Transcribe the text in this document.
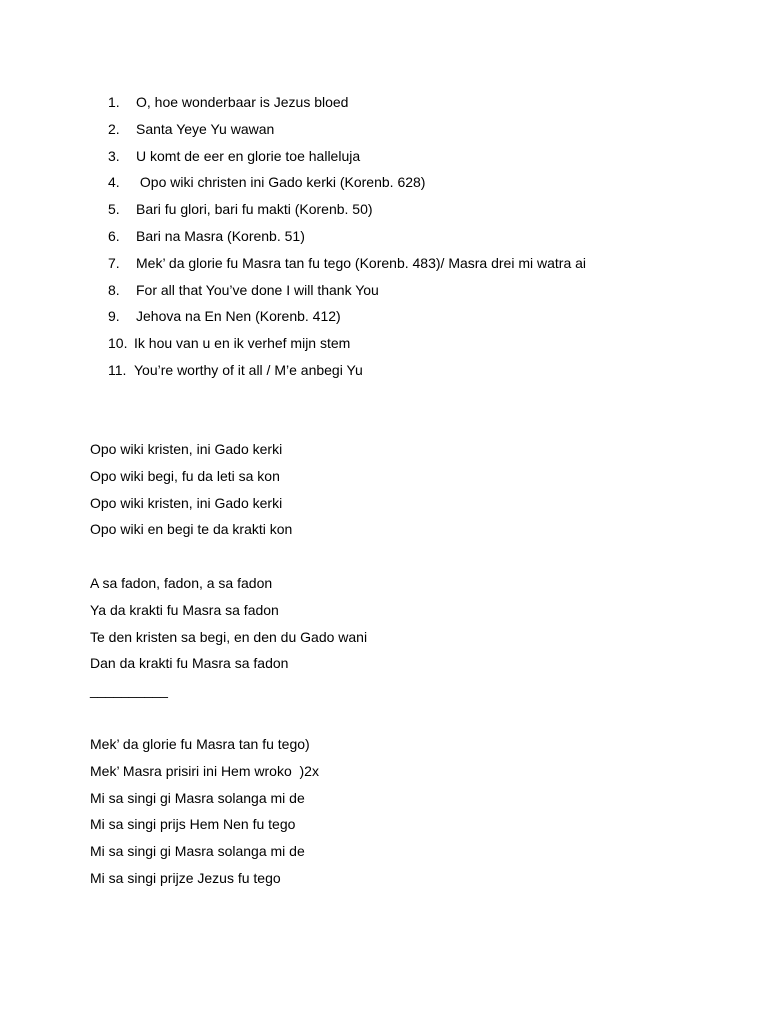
1.	O, hoe wonderbaar is Jezus bloed
2.	Santa Yeye Yu wawan
3.	U komt de eer en glorie toe halleluja
4.	Opo wiki christen ini Gado kerki (Korenb. 628)
5.	Bari fu glori, bari fu makti (Korenb. 50)
6.	Bari na Masra (Korenb. 51)
7.	Mek’ da glorie fu Masra tan fu tego (Korenb. 483)/ Masra drei mi watra ai
8.	For all that You’ve done I will thank You
9.	Jehova na En Nen (Korenb. 412)
10. Ik hou van u en ik verhef mijn stem
11. You’re worthy of it all / M’e anbegi Yu
Opo wiki kristen, ini Gado kerki
Opo wiki begi, fu da leti sa kon
Opo wiki kristen, ini Gado kerki
Opo wiki en begi te da krakti kon
A sa fadon, fadon, a sa fadon
Ya da krakti fu Masra sa fadon
Te den kristen sa begi, en den du Gado wani
Dan da krakti fu Masra sa fadon
__________
Mek’ da glorie fu Masra tan fu tego)
Mek’ Masra prisiri ini Hem wroko  )2x
Mi sa singi gi Masra solanga mi de
Mi sa singi prijs Hem Nen fu tego
Mi sa singi gi Masra solanga mi de
Mi sa singi prijze Jezus fu tego
